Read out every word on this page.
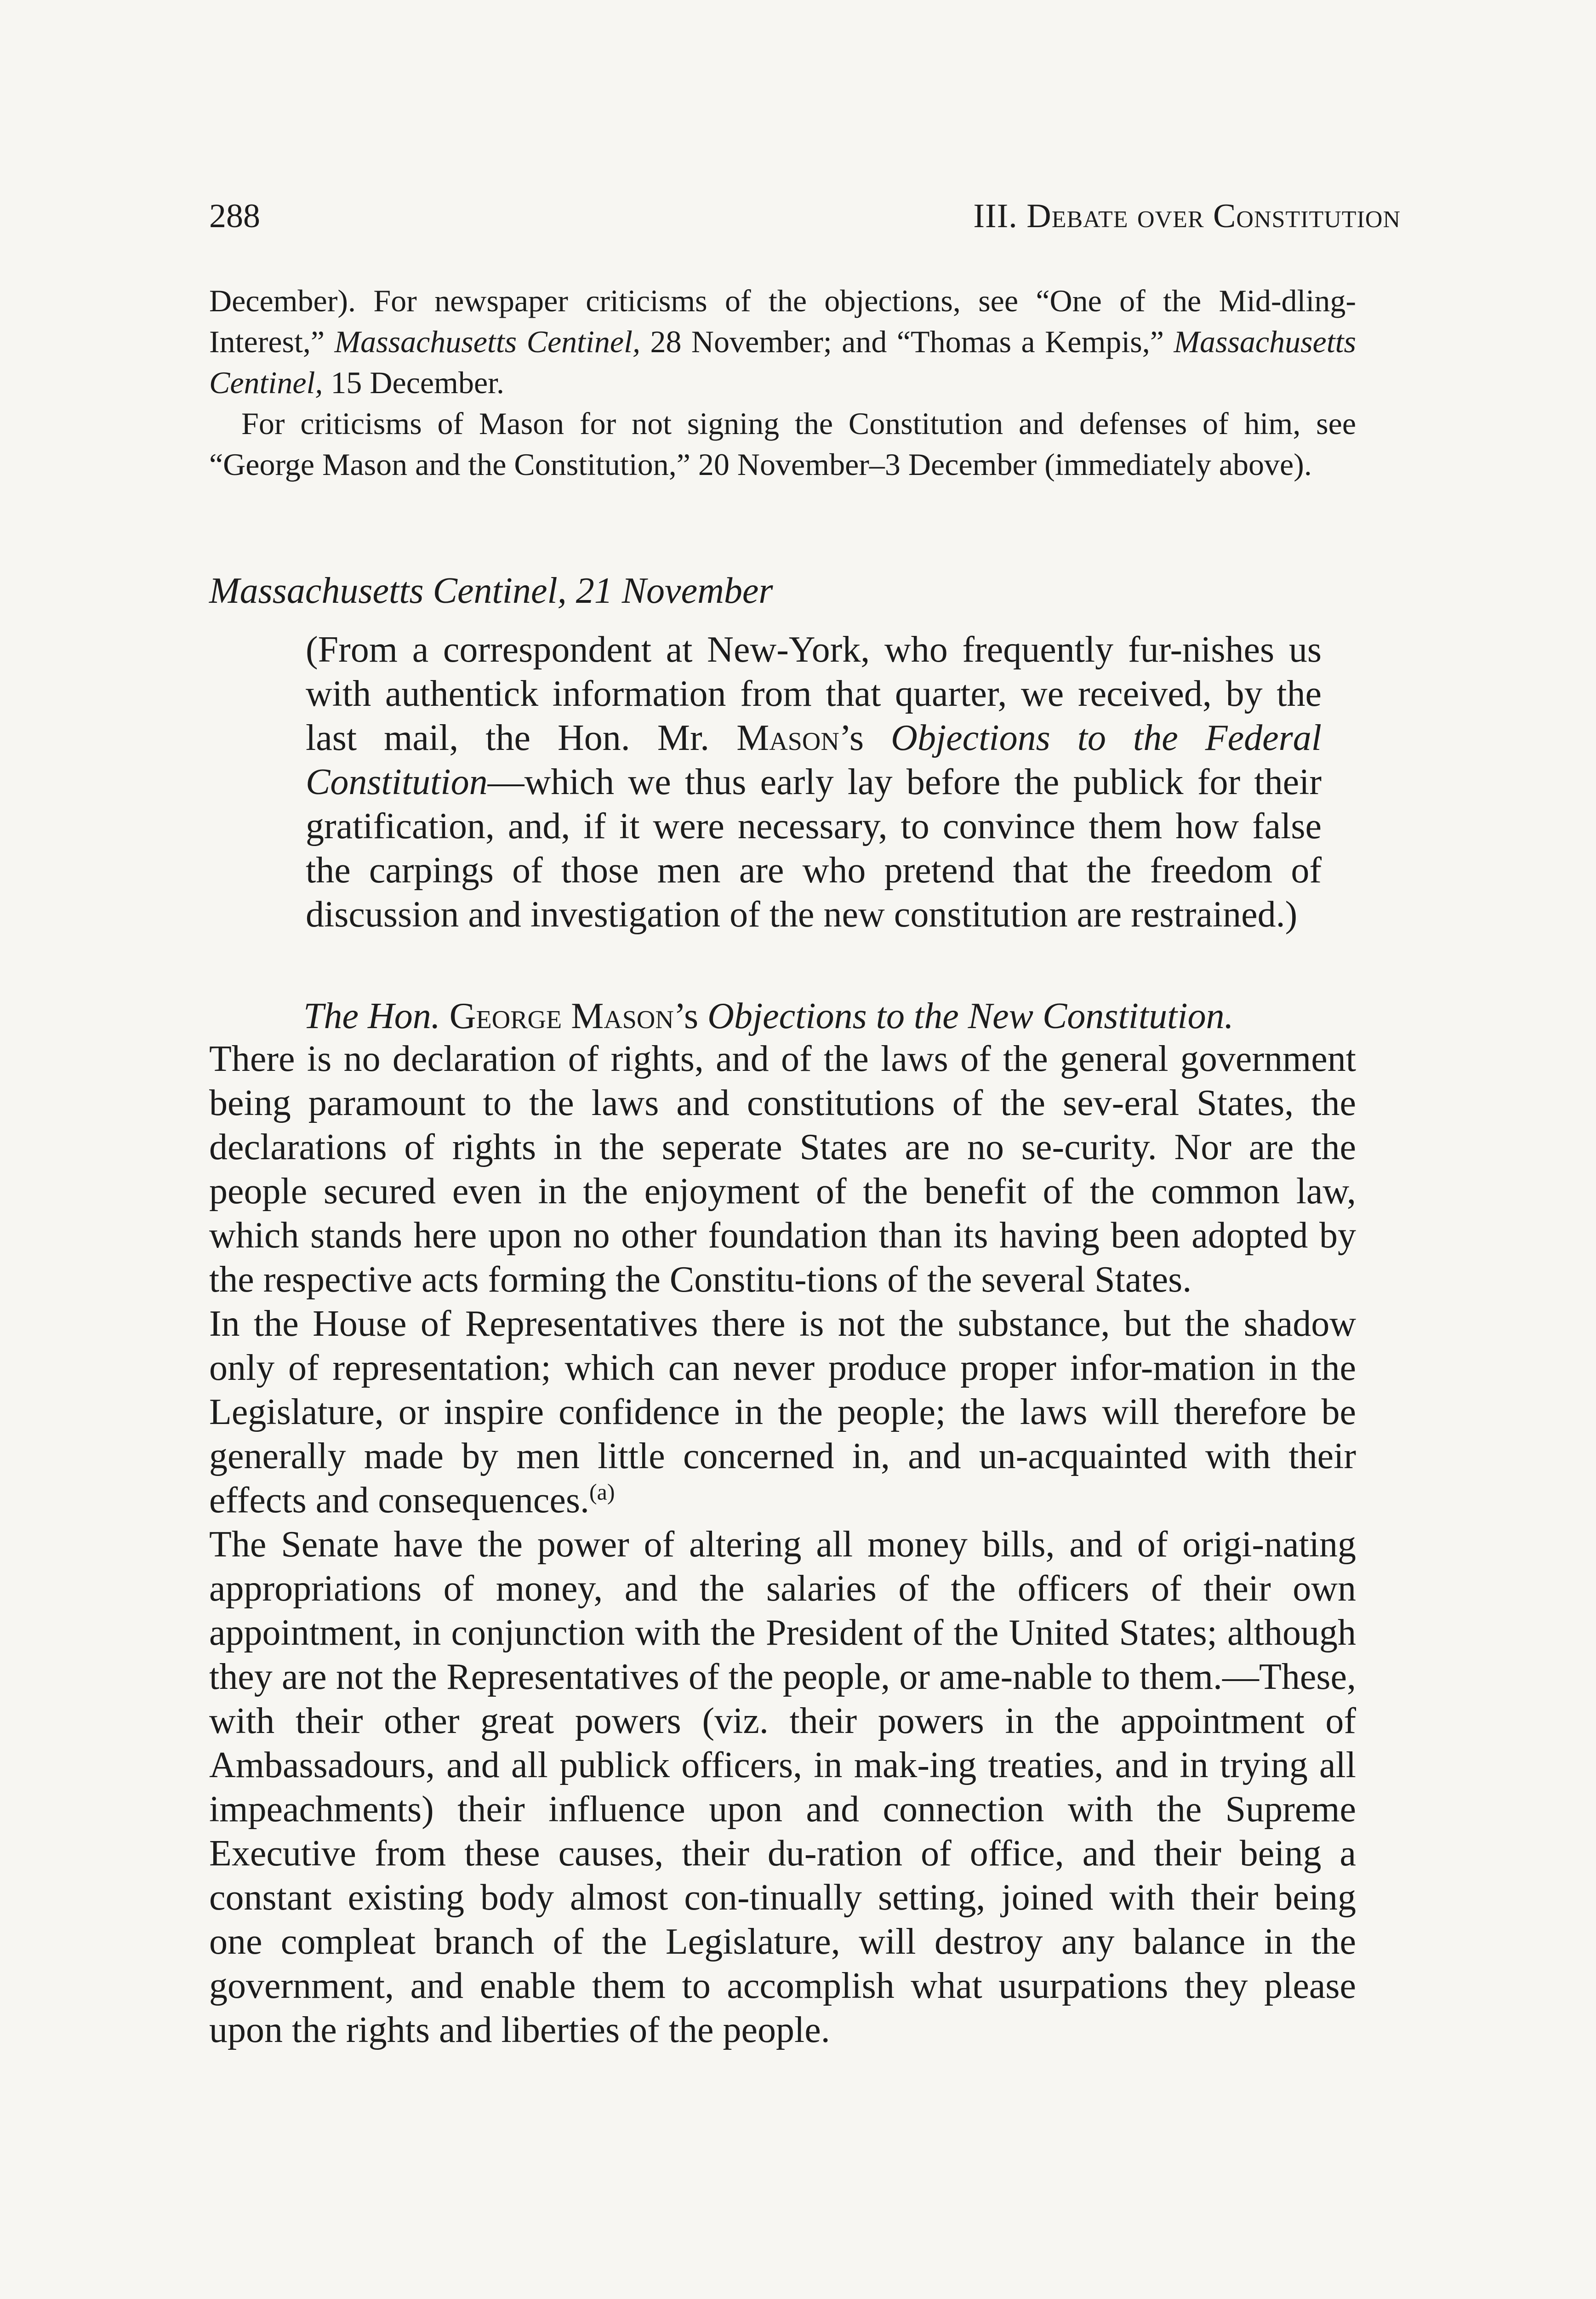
288	III. Debate over Constitution

December). For newspaper criticisms of the objections, see “One of the Mid-dling-Interest,” Massachusetts Centinel, 28 November; and “Thomas a Kempis,” Massachusetts Centinel, 15 December.

For criticisms of Mason for not signing the Constitution and defenses of him, see “George Mason and the Constitution,” 20 November–3 December (immediately above).

Massachusetts Centinel, 21 November

(From a correspondent at New-York, who frequently fur-nishes us with authentick information from that quarter, we received, by the last mail, the Hon. Mr. Mason’s Objections to the Federal Constitution—which we thus early lay before the publick for their gratification, and, if it were necessary, to convince them how false the carpings of those men are who pretend that the freedom of discussion and investigation of the new constitution are restrained.)

The Hon. George Mason’s Objections to the New Constitution.

There is no declaration of rights, and of the laws of the general government being paramount to the laws and constitutions of the sev-eral States, the declarations of rights in the seperate States are no se-curity. Nor are the people secured even in the enjoyment of the benefit of the common law, which stands here upon no other foundation than its having been adopted by the respective acts forming the Constitu-tions of the several States.

In the House of Representatives there is not the substance, but the shadow only of representation; which can never produce proper infor-mation in the Legislature, or inspire confidence in the people; the laws will therefore be generally made by men little concerned in, and un-acquainted with their effects and consequences.$^{(a)}$

The Senate have the power of altering all money bills, and of origi-nating appropriations of money, and the salaries of the officers of their own appointment, in conjunction with the President of the United States; although they are not the Representatives of the people, or ame-nable to them.—These, with their other great powers (viz. their powers in the appointment of Ambassadours, and all publick officers, in mak-ing treaties, and in trying all impeachments) their influence upon and connection with the Supreme Executive from these causes, their du-ration of office, and their being a constant existing body almost con-tinually setting, joined with their being one compleat branch of the Legislature, will destroy any balance in the government, and enable them to accomplish what usurpations they please upon the rights and liberties of the people.
